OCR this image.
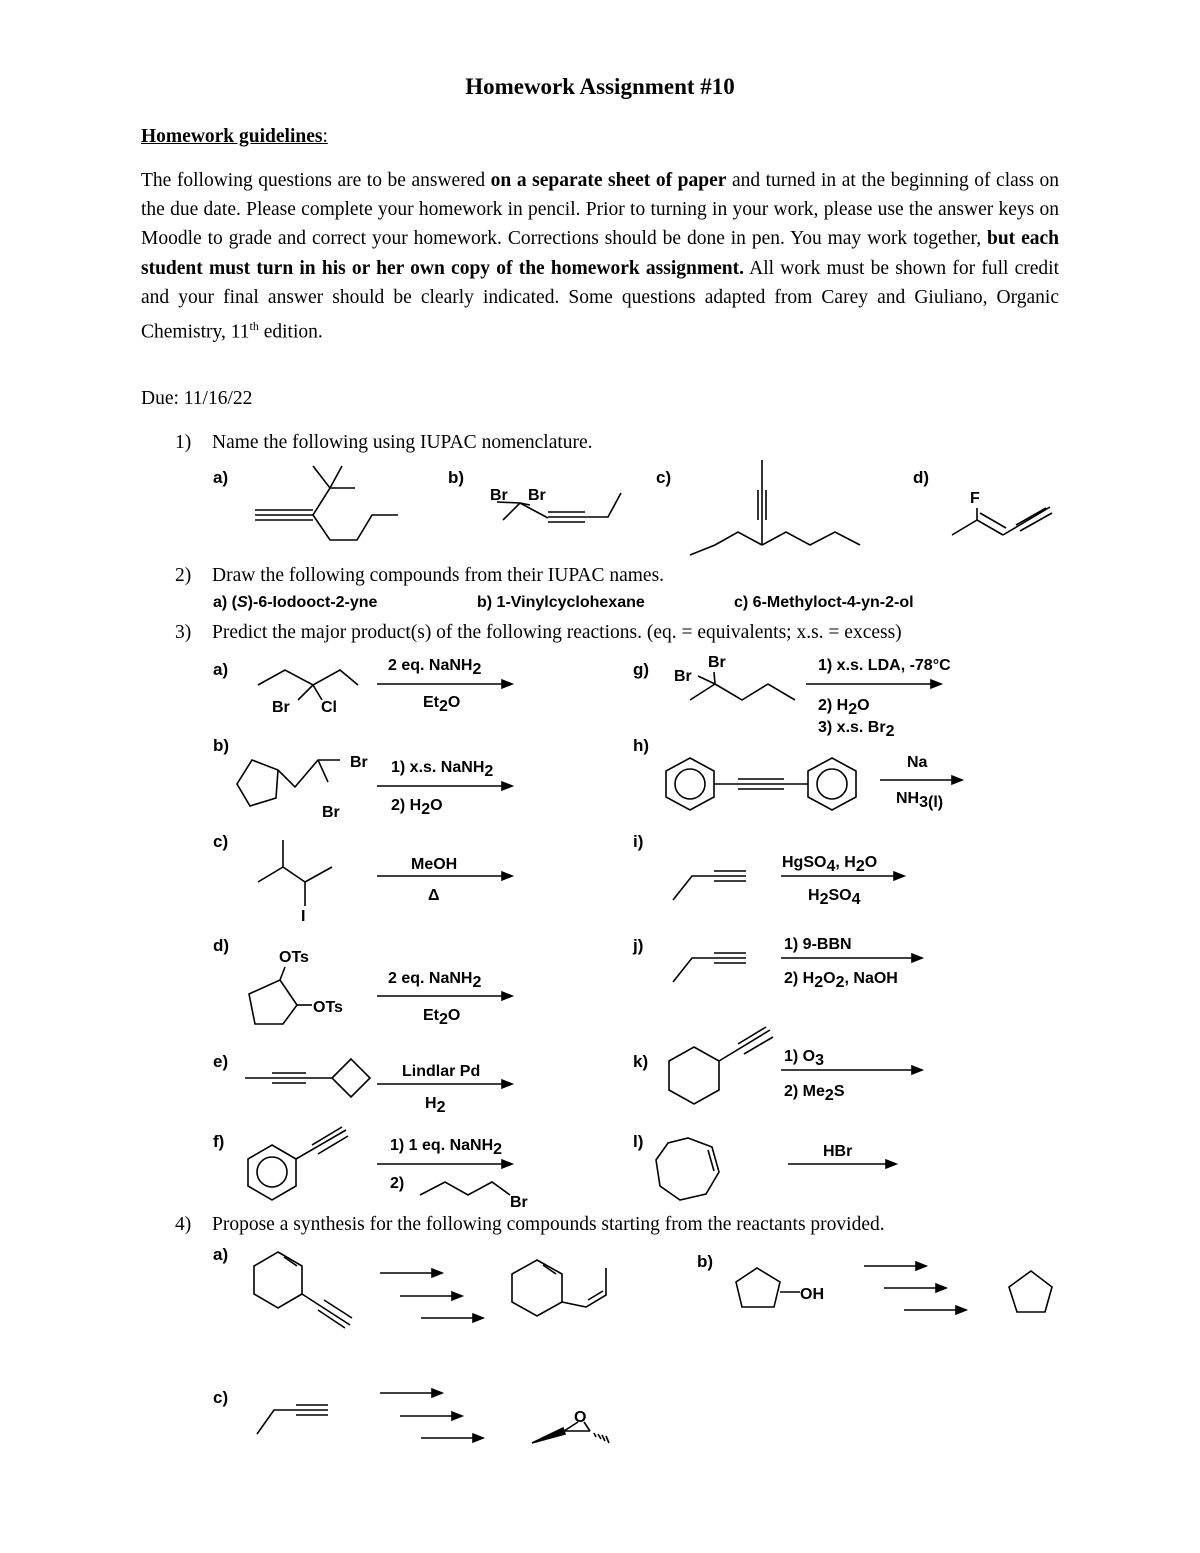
Homework Assignment #10
Homework guidelines:
The following questions are to be answered on a separate sheet of paper and turned in at the beginning of class on the due date. Please complete your homework in pencil. Prior to turning in your work, please use the answer keys on Moodle to grade and correct your homework. Corrections should be done in pen. You may work together, but each student must turn in his or her own copy of the homework assignment. All work must be shown for full credit and your final answer should be clearly indicated. Some questions adapted from Carey and Giuliano, Organic Chemistry, 11th edition.
Due: 11/16/22
1) Name the following using IUPAC nomenclature.
2) Draw the following compounds from their IUPAC names.
3) Predict the major product(s) of the following reactions. (eq. = equivalents; x.s. = excess)
4) Propose a synthesis for the following compounds starting from the reactants provided.
a)	b)	c)	d)
a) (S)-6-Iodooct-2-yne	b) 1-Vinylcyclohexane	c) 6-Methyloct-4-yn-2-ol
a)
b)
c)
d)
e)
f)
g)
h)
i)
j)
k)
l)
a)	b)
c)
Br Br	F
Br Cl
2 eq. NaNH2
Et2O
Br
Br
1) x.s. NaNH2
2) H2O
I
MeOH
Δ
OTs
OTs
2 eq. NaNH2
Et2O
Lindlar Pd
H2
1) 1 eq. NaNH2
2)
Br
Br
Br
1) x.s. LDA, -78°C
2) H2O
3) x.s. Br2
Na
NH3(l)
HgSO4, H2O
H2SO4
1) 9-BBN
2) H2O2, NaOH
1) O3
2) Me2S
HBr
OH
O
